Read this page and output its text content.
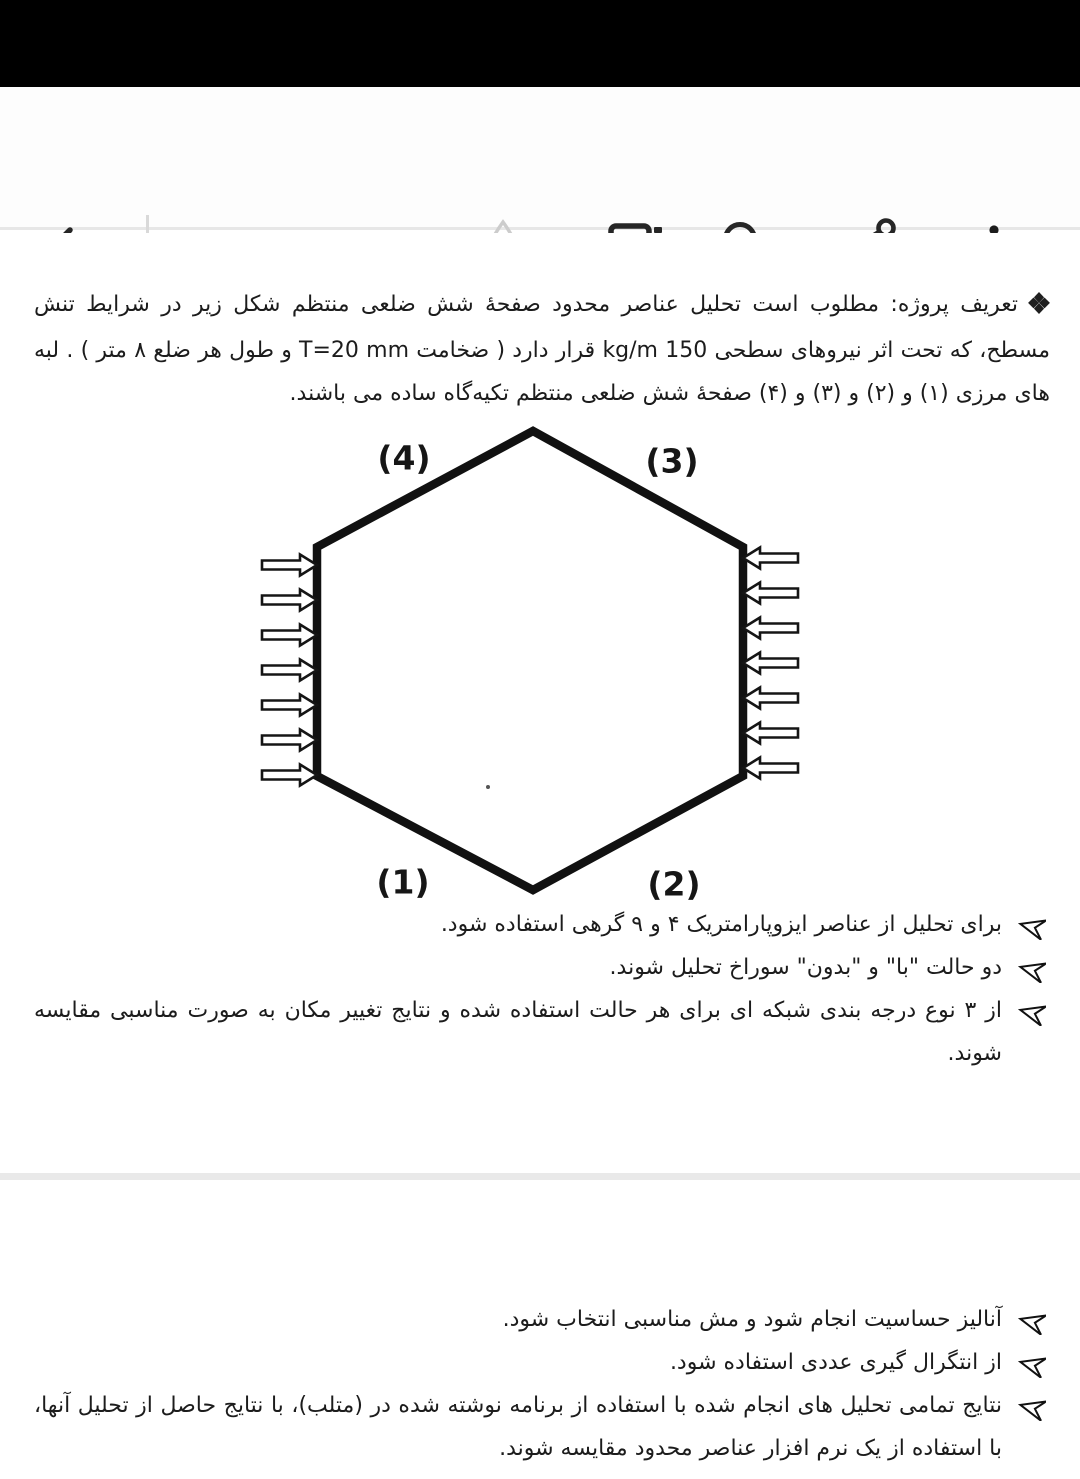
تعریف پروژه: مطلوب است تحلیل عناصر محدود صفحهٔ شش ضلعی منتظم شکل زیر در شرایط تنش مسطح، که تحت اثر نیروهای سطحی 150 kg/m قرار دارد ( ضخامت T=20 mm و طول هر ضلع ۸ متر ) . لبه های مرزی (۱) و (۲) و (۳) و (۴) صفحهٔ شش ضلعی منتظم تکیه‌گاه ساده می باشند.
(4)	(3)
(1)	(2)
برای تحلیل از عناصر ایزوپارامتریک ۴ و ۹ گرهی استفاده شود.
دو حالت "با" و "بدون" سوراخ تحلیل شوند.
از ۳ نوع درجه بندی شبکه ای برای هر حالت استفاده شده و نتایج تغییر مکان به صورت مناسبی مقایسه شوند.
آنالیز حساسیت انجام شود و مش مناسبی انتخاب شود.
از انتگرال گیری عددی استفاده شود.
نتایج تمامی تحلیل های انجام شده با استفاده از برنامه نوشته شده در (متلب)، با نتایج حاصل از تحلیل آنها، با استفاده از یک نرم افزار عناصر محدود مقایسه شوند.
